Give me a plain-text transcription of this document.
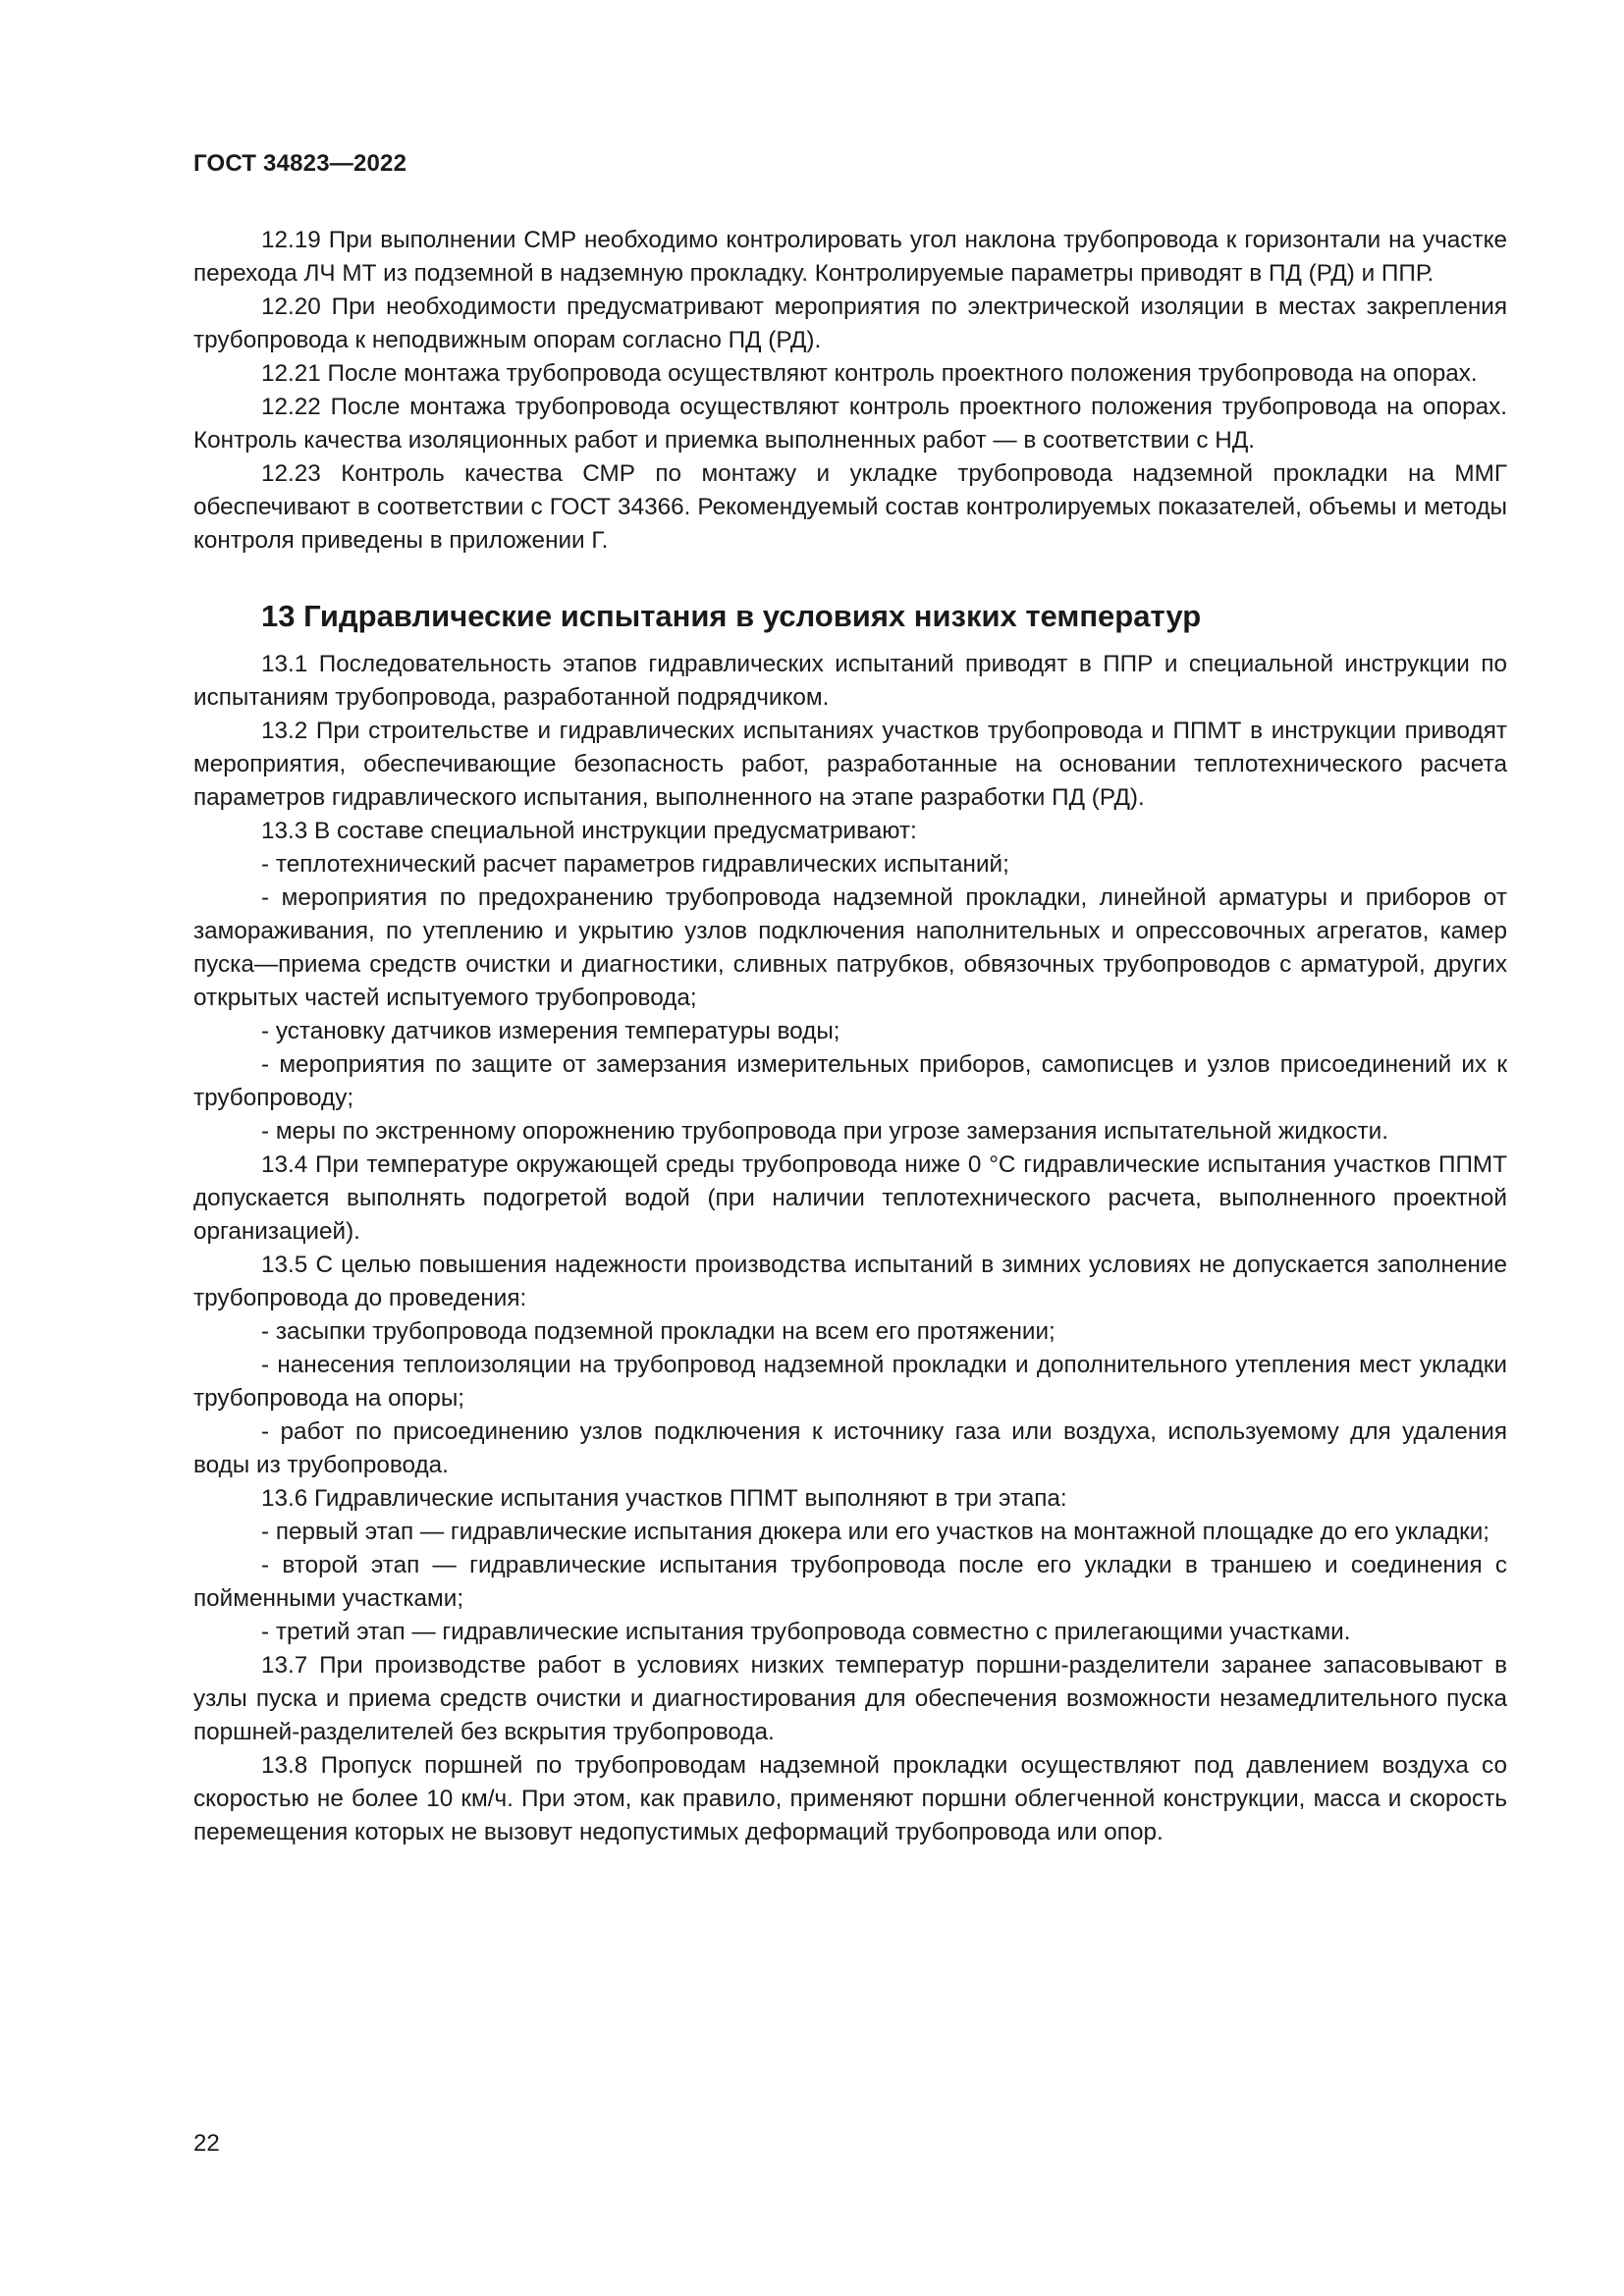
ГОСТ 34823—2022

12.19 При выполнении СМР необходимо контролировать угол наклона трубопровода к горизонтали на участке перехода ЛЧ МТ из подземной в надземную прокладку. Контролируемые параметры приводят в ПД (РД) и ППР.

12.20 При необходимости предусматривают мероприятия по электрической изоляции в местах закрепления трубопровода к неподвижным опорам согласно ПД (РД).

12.21 После монтажа трубопровода осуществляют контроль проектного положения трубопровода на опорах.

12.22 После монтажа трубопровода осуществляют контроль проектного положения трубопровода на опорах. Контроль качества изоляционных работ и приемка выполненных работ — в соответствии с НД.

12.23 Контроль качества СМР по монтажу и укладке трубопровода надземной прокладки на ММГ обеспечивают в соответствии с ГОСТ 34366. Рекомендуемый состав контролируемых показателей, объемы и методы контроля приведены в приложении Г.

13 Гидравлические испытания в условиях низких температур

13.1 Последовательность этапов гидравлических испытаний приводят в ППР и специальной инструкции по испытаниям трубопровода, разработанной подрядчиком.

13.2 При строительстве и гидравлических испытаниях участков трубопровода и ППМТ в инструкции приводят мероприятия, обеспечивающие безопасность работ, разработанные на основании теплотехнического расчета параметров гидравлического испытания, выполненного на этапе разработки ПД (РД).

13.3 В составе специальной инструкции предусматривают:

- теплотехнический расчет параметров гидравлических испытаний;

- мероприятия по предохранению трубопровода надземной прокладки, линейной арматуры и приборов от замораживания, по утеплению и укрытию узлов подключения наполнительных и опрессовочных агрегатов, камер пуска—приема средств очистки и диагностики, сливных патрубков, обвязочных трубопроводов с арматурой, других открытых частей испытуемого трубопровода;

- установку датчиков измерения температуры воды;

- мероприятия по защите от замерзания измерительных приборов, самописцев и узлов присоединений их к трубопроводу;

- меры по экстренному опорожнению трубопровода при угрозе замерзания испытательной жидкости.

13.4 При температуре окружающей среды трубопровода ниже 0 °С гидравлические испытания участков ППМТ допускается выполнять подогретой водой (при наличии теплотехнического расчета, выполненного проектной организацией).

13.5 С целью повышения надежности производства испытаний в зимних условиях не допускается заполнение трубопровода до проведения:

- засыпки трубопровода подземной прокладки на всем его протяжении;

- нанесения теплоизоляции на трубопровод надземной прокладки и дополнительного утепления мест укладки трубопровода на опоры;

- работ по присоединению узлов подключения к источнику газа или воздуха, используемому для удаления воды из трубопровода.

13.6 Гидравлические испытания участков ППМТ выполняют в три этапа:

- первый этап — гидравлические испытания дюкера или его участков на монтажной площадке до его укладки;

- второй этап — гидравлические испытания трубопровода после его укладки в траншею и соединения с пойменными участками;

- третий этап — гидравлические испытания трубопровода совместно с прилегающими участками.

13.7 При производстве работ в условиях низких температур поршни-разделители заранее запасовывают в узлы пуска и приема средств очистки и диагностирования для обеспечения возможности незамедлительного пуска поршней-разделителей без вскрытия трубопровода.

13.8 Пропуск поршней по трубопроводам надземной прокладки осуществляют под давлением воздуха со скоростью не более 10 км/ч. При этом, как правило, применяют поршни облегченной конструкции, масса и скорость перемещения которых не вызовут недопустимых деформаций трубопровода или опор.

22
